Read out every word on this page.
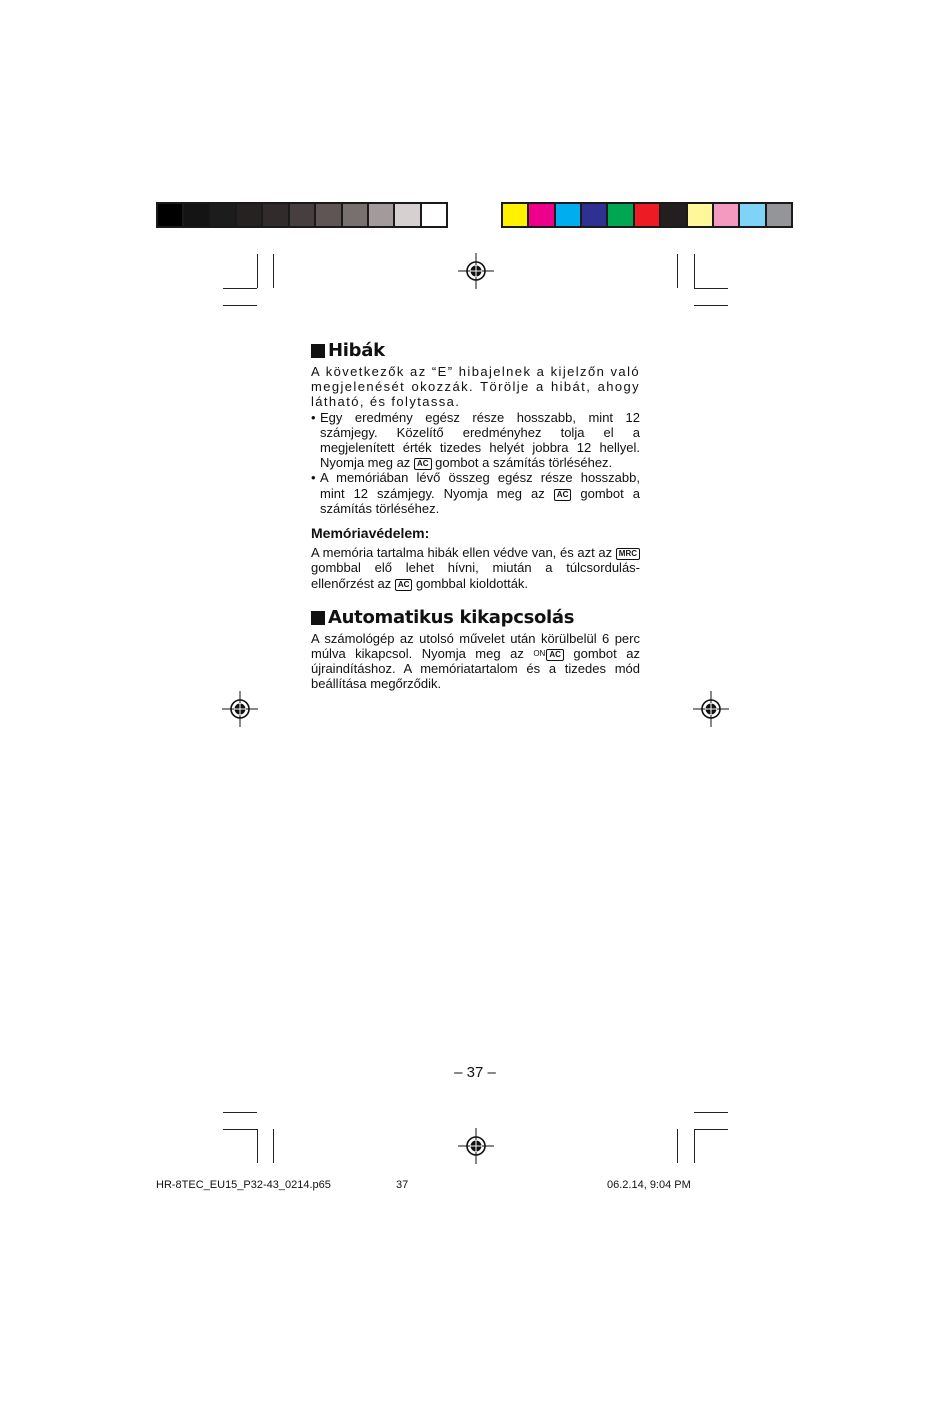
Hibák

A következők az “E” hibajelnek a kijelzőn való megjelenését okozzák. Törölje a hibát, ahogy látható, és folytassa.

• Egy eredmény egész része hosszabb, mint 12 számjegy. Közelítő eredményhez tolja el a megjelenített érték tizedes helyét jobbra 12 hellyel. Nyomja meg az AC gombot a számítás törléséhez.
• A memóriában lévő összeg egész része hosszabb, mint 12 számjegy. Nyomja meg az AC gombot a számítás törléséhez.
Memóriavédelem:

A memória tartalma hibák ellen védve van, és azt az MRC gombbal elő lehet hívni, miután a túlcsordulás-ellenőrzést az AC gombbal kioldották.

Automatikus kikapcsolás

A számológép az utolsó művelet után körülbelül 6 perc múlva kikapcsol. Nyomja meg az ON AC gombot az újraindításhoz. A memóriatartalom és a tizedes mód beállítása megőrződik.

– 37 –
HR-8TEC_EU15_P32-43_0214.p65	37	06.2.14, 9:04 PM
